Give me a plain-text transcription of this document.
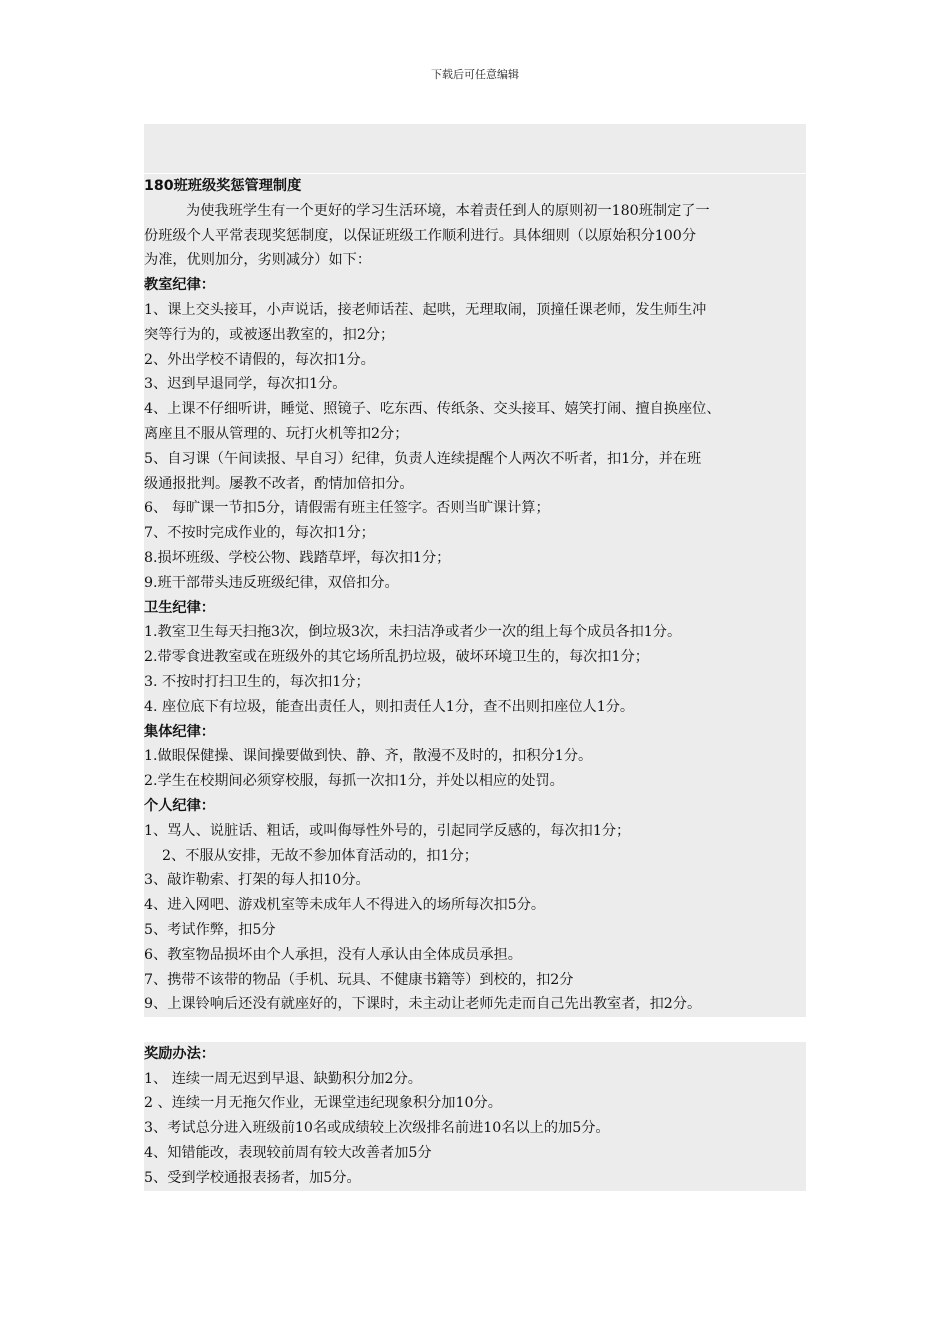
下载后可任意编辑
180班班级奖惩管理制度
为使我班学生有一个更好的学习生活环境，本着责任到人的原则初一180班制定了一
份班级个人平常表现奖惩制度，以保证班级工作顺利进行。具体细则（以原始积分100分
为准，优则加分，劣则减分）如下：
教室纪律：
1、课上交头接耳，小声说话，接老师话茬、起哄，无理取闹，顶撞任课老师，发生师生冲
突等行为的，或被逐出教室的，扣2分；
2、外出学校不请假的，每次扣1分。
3、迟到早退同学，每次扣1分。
4、上课不仔细听讲，睡觉、照镜子、吃东西、传纸条、交头接耳、嬉笑打闹、擅自换座位、
离座且不服从管理的、玩打火机等扣2分；
5、自习课（午间读报、早自习）纪律，负责人连续提醒个人两次不听者，扣1分，并在班
级通报批判。屡教不改者，酌情加倍扣分。
6、 每旷课一节扣5分，请假需有班主任签字。否则当旷课计算；
7、不按时完成作业的，每次扣1分；
8.损坏班级、学校公物、践踏草坪，每次扣1分；
9.班干部带头违反班级纪律，双倍扣分。
卫生纪律：
1.教室卫生每天扫拖3次，倒垃圾3次，未扫洁净或者少一次的组上每个成员各扣1分。
2.带零食进教室或在班级外的其它场所乱扔垃圾，破坏环境卫生的，每次扣1分；
3. 不按时打扫卫生的，每次扣1分；
4. 座位底下有垃圾，能查出责任人，则扣责任人1分，查不出则扣座位人1分。
集体纪律：
1.做眼保健操、课间操要做到快、静、齐，散漫不及时的，扣积分1分。
2.学生在校期间必须穿校服，每抓一次扣1分，并处以相应的处罚。
个人纪律：
1、骂人、说脏话、粗话，或叫侮辱性外号的，引起同学反感的，每次扣1分；
2、不服从安排，无故不参加体育活动的，扣1分；
3、敲诈勒索、打架的每人扣10分。
4、进入网吧、游戏机室等未成年人不得进入的场所每次扣5分。
5、考试作弊，扣5分
6、教室物品损坏由个人承担，没有人承认由全体成员承担。
7、携带不该带的物品（手机、玩具、不健康书籍等）到校的，扣2分
9、上课铃响后还没有就座好的，下课时，未主动让老师先走而自己先出教室者，扣2分。
奖励办法：
1、 连续一周无迟到早退、缺勤积分加2分。
2 、连续一月无拖欠作业，无课堂违纪现象积分加10分。
3、考试总分进入班级前10名或成绩较上次级排名前进10名以上的加5分。
4、知错能改，表现较前周有较大改善者加5分
5、受到学校通报表扬者，加5分。
